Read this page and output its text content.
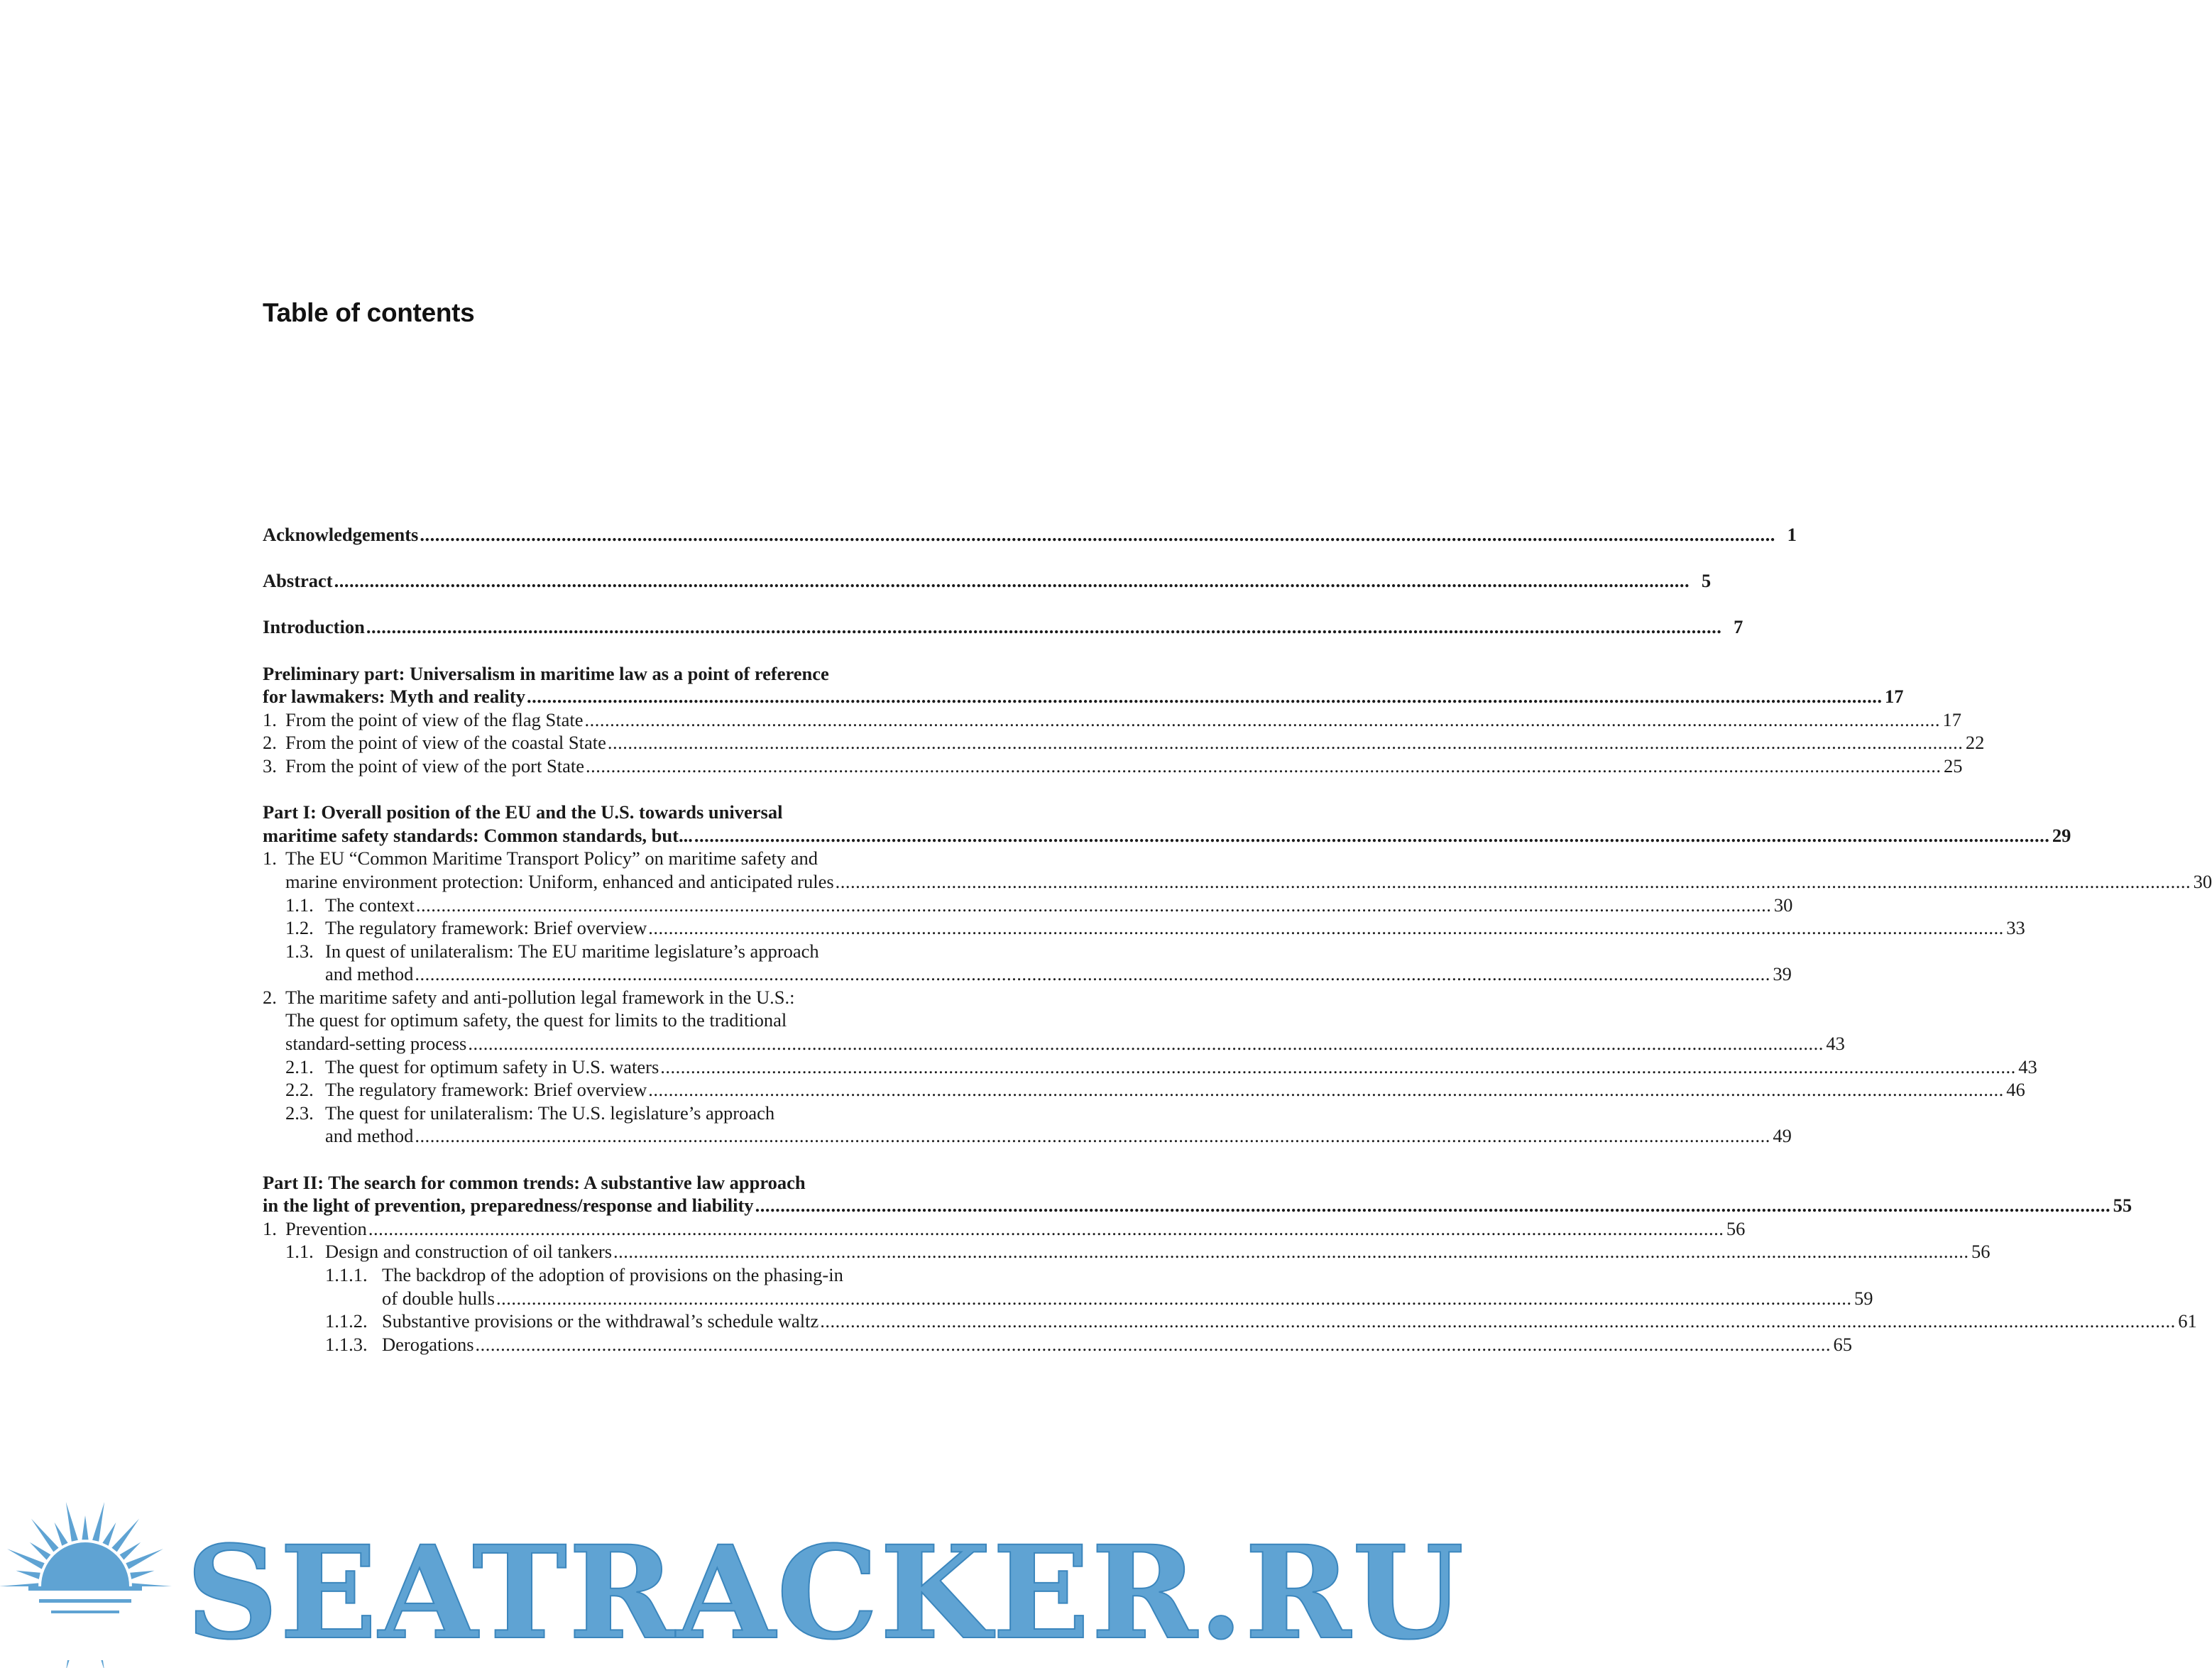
Table of contents
Acknowledgements .....	1
Abstract .....	5
Introduction .....	7
Preliminary part: Universalism in maritime law as a point of reference
for lawmakers: Myth and reality .....	17
1. From the point of view of the flag State .....	17
2. From the point of view of the coastal State .....	22
3. From the point of view of the port State .....	25
Part I: Overall position of the EU and the U.S. towards universal
maritime safety standards: Common standards, but... .....	29
1. The EU “Common Maritime Transport Policy” on maritime safety and
marine environment protection: Uniform, enhanced and anticipated rules .....	30
1.1. The context .....	30
1.2. The regulatory framework: Brief overview .....	33
1.3. In quest of unilateralism: The EU maritime legislature’s approach
and method .....	39
2. The maritime safety and anti-pollution legal framework in the U.S.:
The quest for optimum safety, the quest for limits to the traditional
standard-setting process .....	43
2.1. The quest for optimum safety in U.S. waters .....	43
2.2. The regulatory framework: Brief overview .....	46
2.3. The quest for unilateralism: The U.S. legislature’s approach
and method .....	49
Part II: The search for common trends: A substantive law approach
in the light of prevention, preparedness/response and liability .....	55
1. Prevention .....	56
1.1. Design and construction of oil tankers .....	56
1.1.1. The backdrop of the adoption of provisions on the phasing-in
of double hulls .....	59
1.1.2. Substantive provisions or the withdrawal’s schedule waltz .....	61
1.1.3. Derogations .....	65
SEATRACKER.RU
